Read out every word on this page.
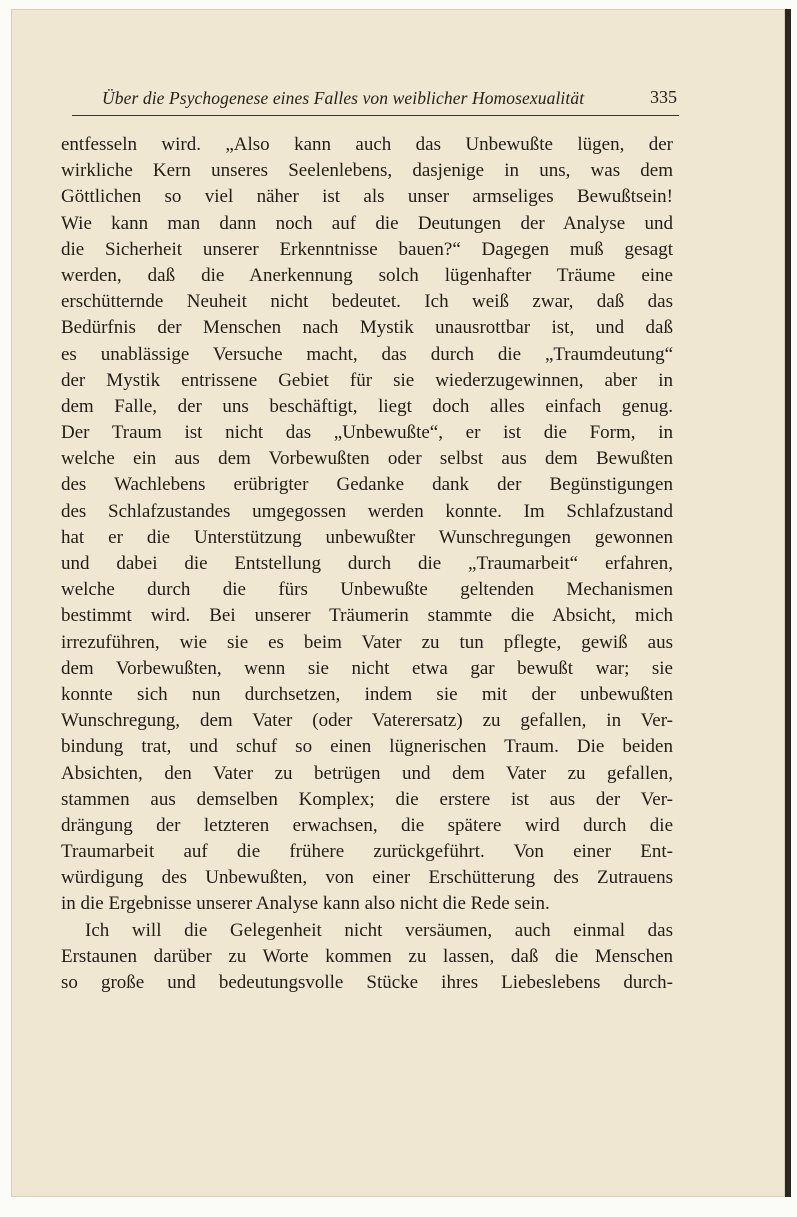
Über die Psychogenese eines Falles von weiblicher Homosexualität	335
entfesseln wird. „Also kann auch das Unbewußte lügen, der
wirkliche Kern unseres Seelenlebens, dasjenige in uns, was dem
Göttlichen so viel näher ist als unser armseliges Bewußtsein!
Wie kann man dann noch auf die Deutungen der Analyse und
die Sicherheit unserer Erkenntnisse bauen?“ Dagegen muß gesagt
werden, daß die Anerkennung solch lügenhafter Träume eine
erschütternde Neuheit nicht bedeutet. Ich weiß zwar, daß das
Bedürfnis der Menschen nach Mystik unausrottbar ist, und daß
es unablässige Versuche macht, das durch die „Traumdeutung“
der Mystik entrissene Gebiet für sie wiederzugewinnen, aber in
dem Falle, der uns beschäftigt, liegt doch alles einfach genug.
Der Traum ist nicht das „Unbewußte“, er ist die Form, in
welche ein aus dem Vorbewußten oder selbst aus dem Bewußten
des Wachlebens erübrigter Gedanke dank der Begünstigungen
des Schlafzustandes umgegossen werden konnte. Im Schlafzustand
hat er die Unterstützung unbewußter Wunschregungen gewonnen
und dabei die Entstellung durch die „Traumarbeit“ erfahren,
welche durch die fürs Unbewußte geltenden Mechanismen
bestimmt wird. Bei unserer Träumerin stammte die Absicht, mich
irrezuführen, wie sie es beim Vater zu tun pflegte, gewiß aus
dem Vorbewußten, wenn sie nicht etwa gar bewußt war; sie
konnte sich nun durchsetzen, indem sie mit der unbewußten
Wunschregung, dem Vater (oder Vaterersatz) zu gefallen, in Ver-
bindung trat, und schuf so einen lügnerischen Traum. Die beiden
Absichten, den Vater zu betrügen und dem Vater zu gefallen,
stammen aus demselben Komplex; die erstere ist aus der Ver-
drängung der letzteren erwachsen, die spätere wird durch die
Traumarbeit auf die frühere zurückgeführt. Von einer Ent-
würdigung des Unbewußten, von einer Erschütterung des Zutrauens
in die Ergebnisse unserer Analyse kann also nicht die Rede sein.
Ich will die Gelegenheit nicht versäumen, auch einmal das
Erstaunen darüber zu Worte kommen zu lassen, daß die Menschen
so große und bedeutungsvolle Stücke ihres Liebeslebens durch-
